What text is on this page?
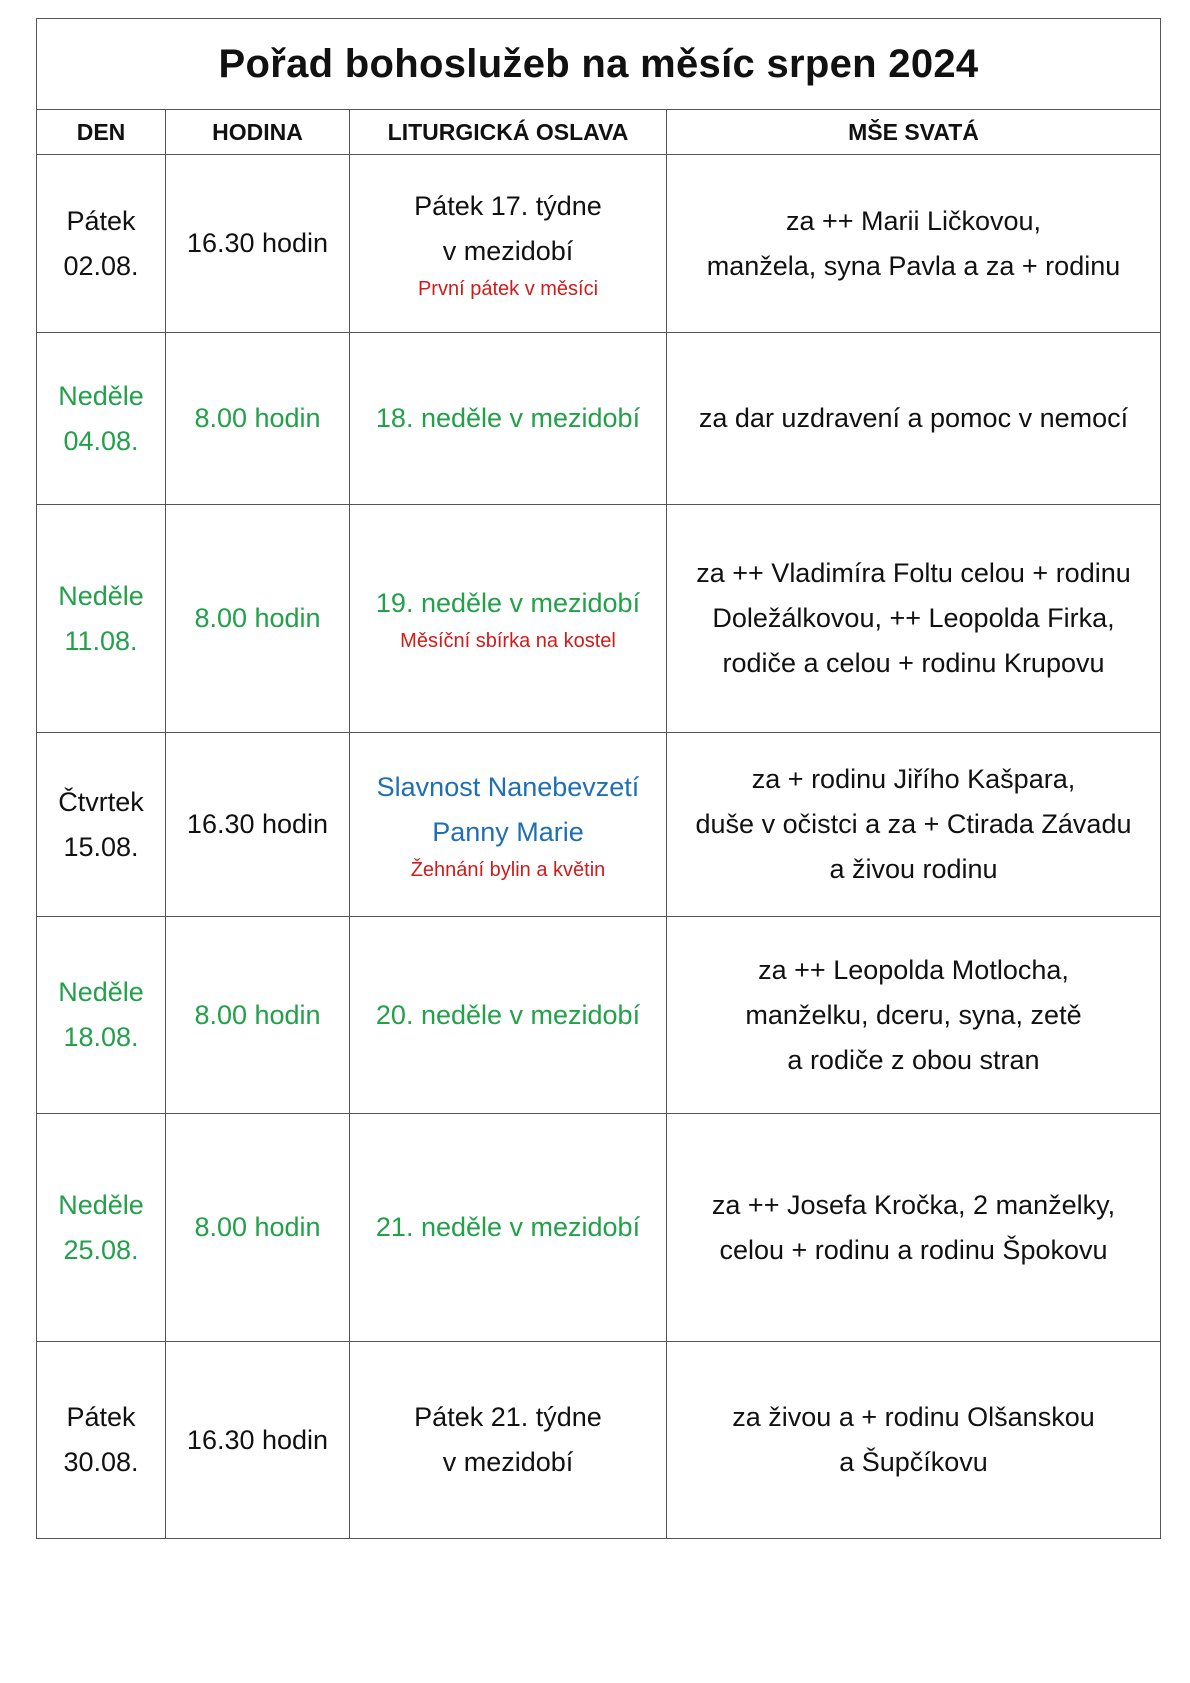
Pořad bohoslužeb na měsíc srpen 2024			
DEN	HODINA	LITURGICKÁ OSLAVA	MŠE SVATÁ

Pátek
02.08.	16.30 hodin	Pátek 17. týdne
v mezidobí
První pátek v měsíci	za ++ Marii Ličkovou,
manžela, syna Pavla a za + rodinu

Neděle
04.08.	8.00 hodin	18. neděle v mezidobí	za dar uzdravení a pomoc v nemocí

Neděle
11.08.	8.00 hodin	19. neděle v mezidobí
Měsíční sbírka na kostel	za ++ Vladimíra Foltu celou + rodinu
Doležálkovou, ++ Leopolda Firka,
rodiče a celou + rodinu Krupovu

Čtvrtek
15.08.	16.30 hodin	Slavnost Nanebevzetí
Panny Marie
Žehnání bylin a květin	za + rodinu Jiřího Kašpara,
duše v očistci a za + Ctirada Závadu
a živou rodinu

Neděle
18.08.	8.00 hodin	20. neděle v mezidobí	za ++ Leopolda Motlocha,
manželku, dceru, syna, zetě
a rodiče z obou stran

Neděle
25.08.	8.00 hodin	21. neděle v mezidobí	za ++ Josefa Kročka, 2 manželky,
celou + rodinu a rodinu Špokovu

Pátek
30.08.	16.30 hodin	Pátek 21. týdne
v mezidobí	za živou a + rodinu Olšanskou
a Šupčíkovu
